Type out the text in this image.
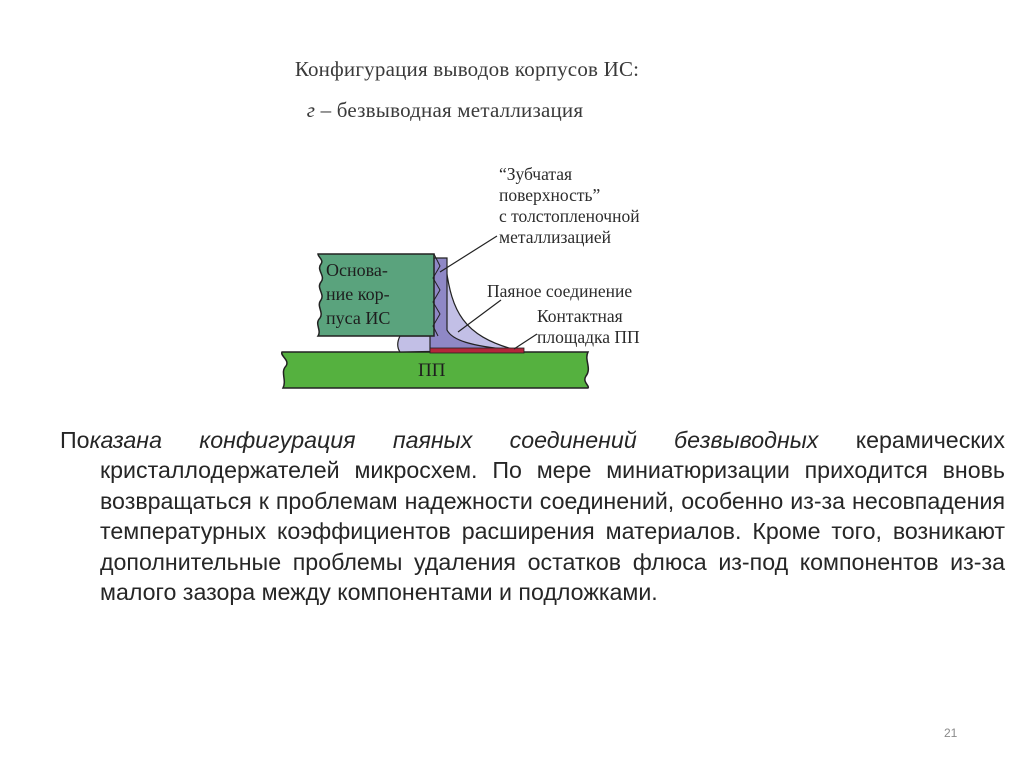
Конфигурация выводов корпусов ИС:
г – безвыводная металлизация
“Зубчатая
поверхность”
с толстопленочной
металлизацией
Паяное соединение
Контактная
площадка ПП
Основа-
ние кор-
пуса ИС
ПП
Показана конфигурация паяных соединений безвыводных керамических кристаллодержателей микросхем. По мере миниатюризации приходится вновь возвращаться к проблемам надежности соединений, особенно из-за несовпадения температурных коэффициентов расширения материалов. Кроме того, возникают дополнительные проблемы удаления остатков флюса из-под компонентов из-за малого зазора между компонентами и подложками.
21
